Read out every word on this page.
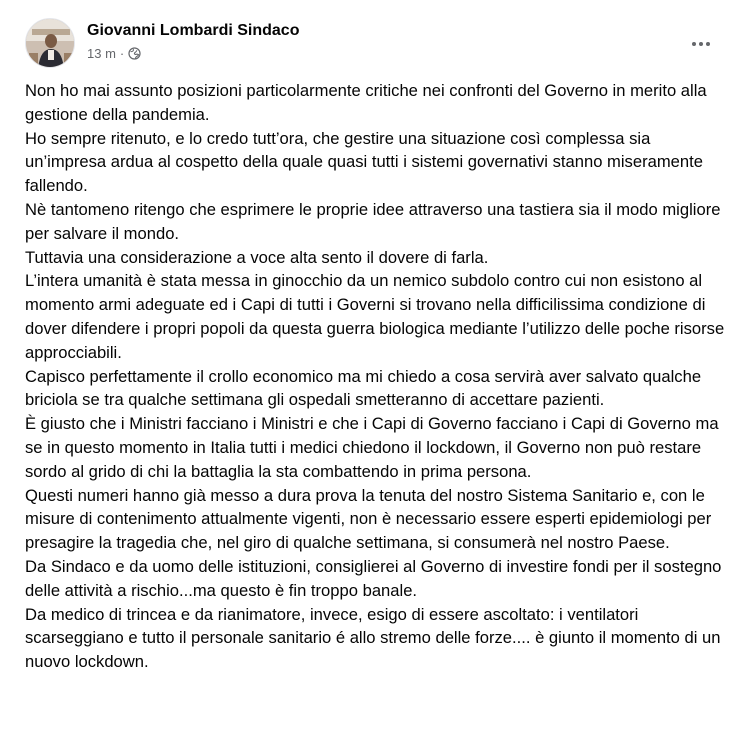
Giovanni Lombardi Sindaco
13 m ·

Non ho mai assunto posizioni particolarmente critiche nei confronti del Governo in merito alla gestione della pandemia.

Ho sempre ritenuto, e lo credo tutt’ora, che gestire una situazione così complessa sia un’impresa ardua al cospetto della quale quasi tutti i sistemi governativi stanno miseramente fallendo.

Nè tantomeno ritengo che esprimere le proprie idee attraverso una tastiera sia il modo migliore per salvare il mondo.

Tuttavia una considerazione a voce alta sento il dovere di farla.

L’intera umanità è stata messa in ginocchio da un nemico subdolo contro cui non esistono al momento armi adeguate ed i Capi di tutti i Governi si trovano nella difficilissima condizione di dover difendere i propri popoli da questa guerra biologica mediante l’utilizzo delle poche risorse approcciabili.

Capisco perfettamente il crollo economico ma mi chiedo a cosa servirà aver salvato qualche briciola se tra qualche settimana gli ospedali smetteranno di accettare pazienti.

È giusto che i Ministri facciano i Ministri e che i Capi di Governo facciano i Capi di Governo ma se in questo momento in Italia tutti i medici chiedono il lockdown, il Governo non può restare sordo al grido di chi la battaglia la sta combattendo in prima persona.

Questi numeri hanno già messo a dura prova la tenuta del nostro Sistema Sanitario e, con le misure di contenimento attualmente vigenti, non è necessario essere esperti epidemiologi per presagire la tragedia che, nel giro di qualche settimana, si consumerà nel nostro Paese.

Da Sindaco e da uomo delle istituzioni, consiglierei al Governo di investire fondi per il sostegno delle attività a rischio...ma questo è fin troppo banale.

Da medico di trincea e da rianimatore, invece, esigo di essere ascoltato: i ventilatori scarseggiano e tutto il personale sanitario é allo stremo delle forze.... è giunto il momento di un nuovo lockdown.
